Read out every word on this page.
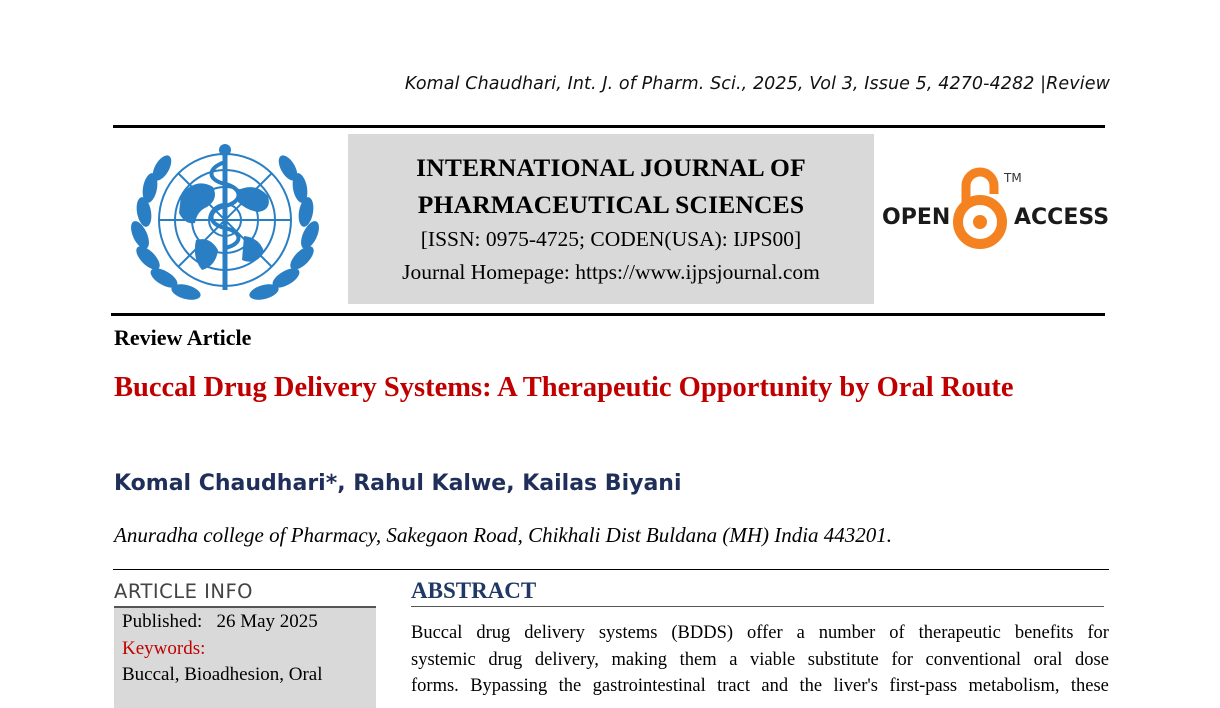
Komal Chaudhari, Int. J. of Pharm. Sci., 2025, Vol 3, Issue 5, 4270-4282 |Review
INTERNATIONAL JOURNAL OF
PHARMACEUTICAL SCIENCES
[ISSN: 0975-4725; CODEN(USA): IJPS00]
Journal Homepage: https://www.ijpsjournal.com
OPEN	ACCESS
TM
Review Article
Buccal Drug Delivery Systems: A Therapeutic Opportunity by Oral Route
Komal Chaudhari*, Rahul Kalwe, Kailas Biyani
Anuradha college of Pharmacy, Sakegaon Road, Chikhali Dist Buldana (MH) India 443201.
ARTICLE INFO
Published: 26 May 2025
Keywords:
Buccal, Bioadhesion, Oral
ABSTRACT
Buccal drug delivery systems (BDDS) offer a number of therapeutic benefits for
systemic drug delivery, making them a viable substitute for conventional oral dose
forms. Bypassing the gastrointestinal tract and the liver's first-pass metabolism, these
